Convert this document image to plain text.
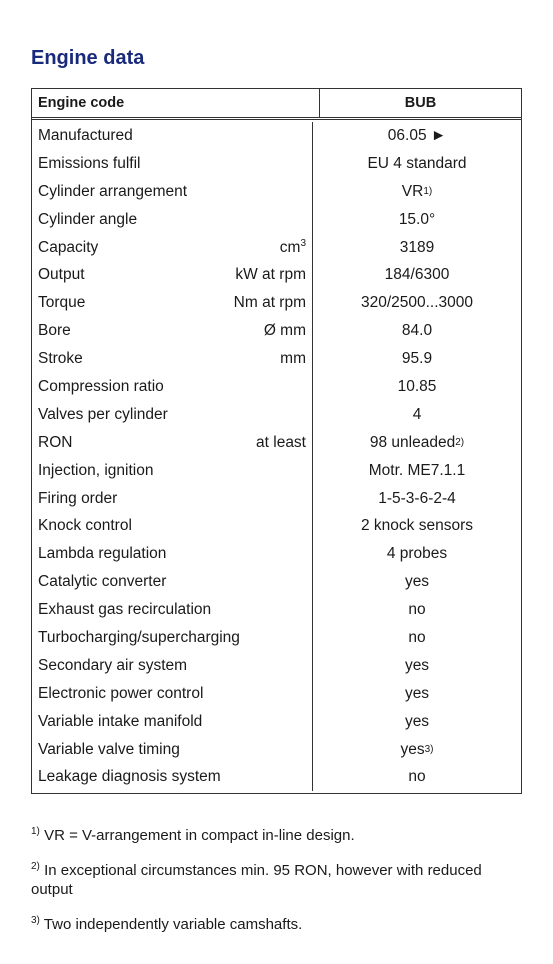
Engine data
Engine code	BUB
Manufactured	06.05 ►
Emissions fulfil	EU 4 standard
Cylinder arrangement	VR 1)
Cylinder angle	15.0°
Capacity	$cm^3$	3189
Output	kW at rpm	184/6300
Torque	Nm at rpm	320/2500...3000
Bore	Ø mm	84.0
Stroke	mm	95.9
Compression ratio	10.85
Valves per cylinder	4
RON	at least	98 unleaded 2)
Injection, ignition	Motr. ME7.1.1
Firing order	1-5-3-6-2-4
Knock control	2 knock sensors
Lambda regulation	4 probes
Catalytic converter	yes
Exhaust gas recirculation	no
Turbocharging/supercharging	no
Secondary air system	yes
Electronic power control	yes
Variable intake manifold	yes
Variable valve timing	yes 3)
Leakage diagnosis system	no
$^{1)}$ VR = V-arrangement in compact in-line design.
$^{2)}$ In exceptional circumstances min. 95 RON, however with reduced output
$^{3)}$ Two independently variable camshafts.
